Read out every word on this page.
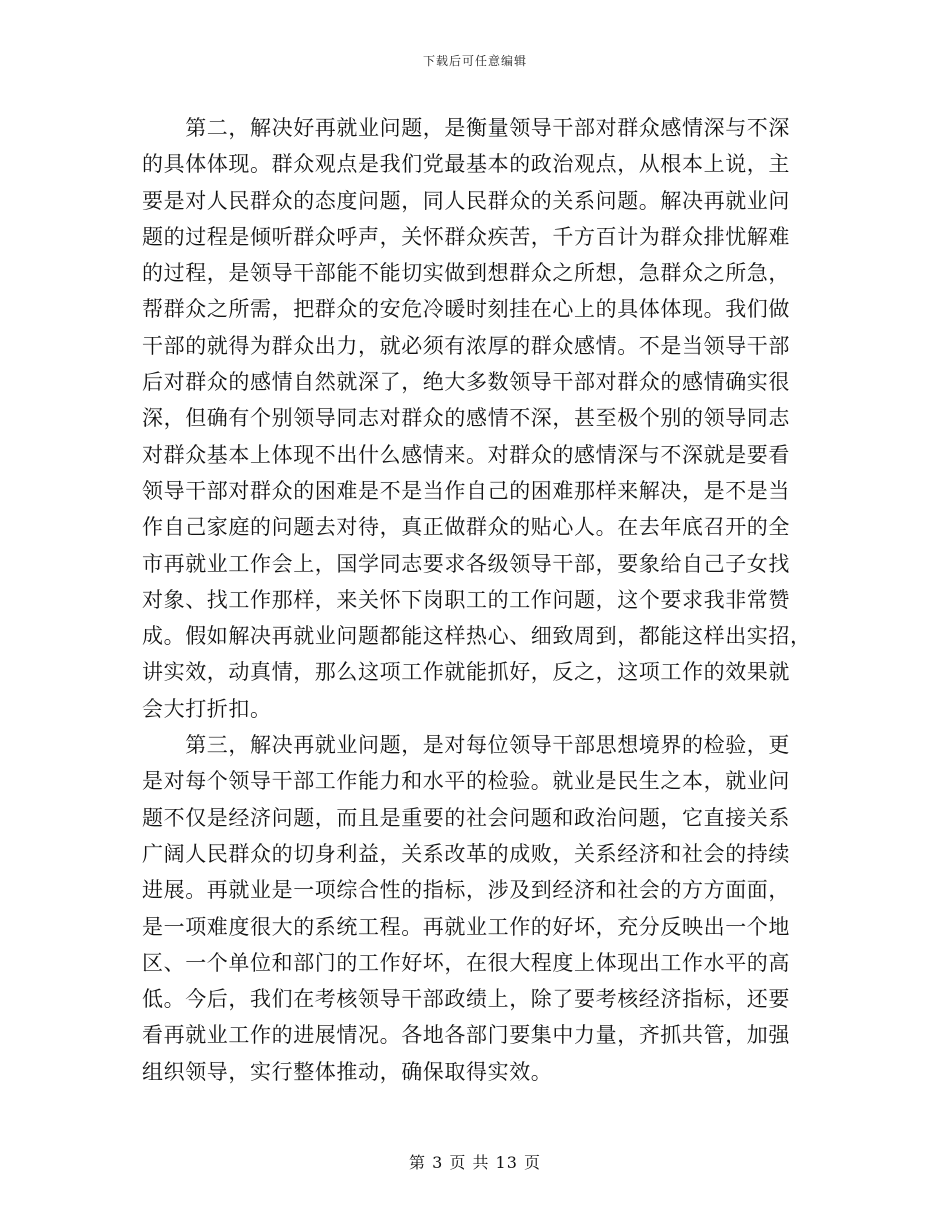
下载后可任意编辑
　　第二，解决好再就业问题，是衡量领导干部对群众感情深与不深
的具体体现。群众观点是我们党最基本的政治观点，从根本上说，主
要是对人民群众的态度问题，同人民群众的关系问题。解决再就业问
题的过程是倾听群众呼声，关怀群众疾苦，千方百计为群众排忧解难
的过程，是领导干部能不能切实做到想群众之所想，急群众之所急，
帮群众之所需，把群众的安危冷暖时刻挂在心上的具体体现。我们做
干部的就得为群众出力，就必须有浓厚的群众感情。不是当领导干部
后对群众的感情自然就深了，绝大多数领导干部对群众的感情确实很
深，但确有个别领导同志对群众的感情不深，甚至极个别的领导同志
对群众基本上体现不出什么感情来。对群众的感情深与不深就是要看
领导干部对群众的困难是不是当作自己的困难那样来解决，是不是当
作自己家庭的问题去对待，真正做群众的贴心人。在去年底召开的全
市再就业工作会上，国学同志要求各级领导干部，要象给自己子女找
对象、找工作那样，来关怀下岗职工的工作问题，这个要求我非常赞
成。假如解决再就业问题都能这样热心、细致周到，都能这样出实招，
讲实效，动真情，那么这项工作就能抓好，反之，这项工作的效果就
会大打折扣。
　　第三，解决再就业问题，是对每位领导干部思想境界的检验，更
是对每个领导干部工作能力和水平的检验。就业是民生之本，就业问
题不仅是经济问题，而且是重要的社会问题和政治问题，它直接关系
广阔人民群众的切身利益，关系改革的成败，关系经济和社会的持续
进展。再就业是一项综合性的指标，涉及到经济和社会的方方面面，
是一项难度很大的系统工程。再就业工作的好坏，充分反映出一个地
区、一个单位和部门的工作好坏，在很大程度上体现出工作水平的高
低。今后，我们在考核领导干部政绩上，除了要考核经济指标，还要
看再就业工作的进展情况。各地各部门要集中力量，齐抓共管，加强
组织领导，实行整体推动，确保取得实效。
第 3 页 共 13 页
